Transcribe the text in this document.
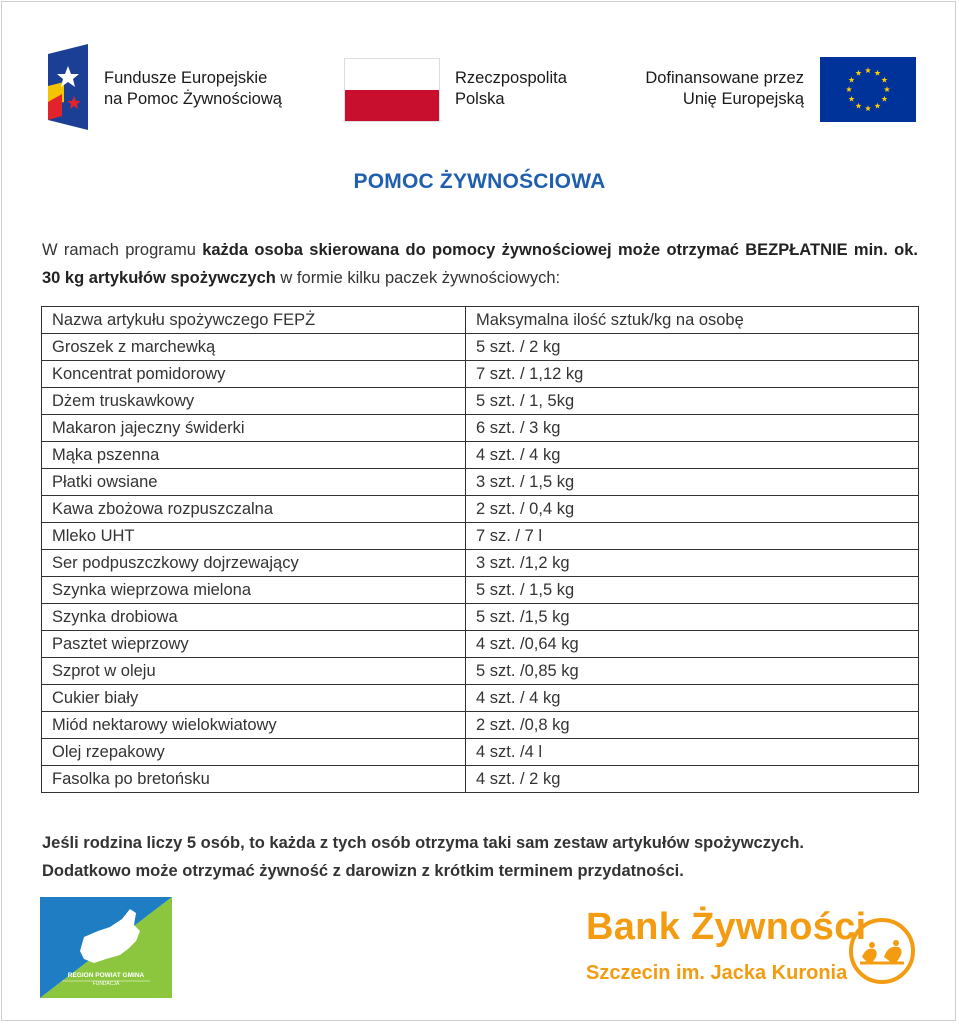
Fundusze Europejskie
na Pomoc Żywnościową
Rzeczpospolita
Polska
Dofinansowane przez
Unię Europejską
POMOC ŻYWNOŚCIOWA
W ramach programu każda osoba skierowana do pomocy żywnościowej może otrzymać BEZPŁATNIE min. ok. 30 kg artykułów spożywczych w formie kilku paczek żywnościowych:
Nazwa artykułu spożywczego FEPŻ	Maksymalna ilość sztuk/kg na osobę
Groszek z marchewką	5 szt. / 2 kg
Koncentrat pomidorowy	7 szt. / 1,12 kg
Dżem truskawkowy	5 szt. / 1, 5kg
Makaron jajeczny świderki	6 szt. / 3 kg
Mąka pszenna	4 szt. / 4 kg
Płatki owsiane	3 szt. / 1,5 kg
Kawa zbożowa rozpuszczalna	2 szt. / 0,4 kg
Mleko UHT	7 sz. / 7 l
Ser podpuszczkowy dojrzewający	3 szt. /1,2 kg
Szynka wieprzowa mielona	5 szt. / 1,5 kg
Szynka drobiowa	5 szt. /1,5 kg
Pasztet wieprzowy	4 szt. /0,64 kg
Szprot w oleju	5 szt. /0,85 kg
Cukier biały	4 szt. / 4 kg
Miód nektarowy wielokwiatowy	2 szt. /0,8 kg
Olej rzepakowy	4 szt. /4 l
Fasolka po bretońsku	4 szt. / 2 kg
Jeśli rodzina liczy 5 osób, to każda z tych osób otrzyma taki sam zestaw artykułów spożywczych.
Dodatkowo może otrzymać żywność z darowizn z krótkim terminem przydatności.
REGION POWIAT GMINA
FUNDACJA
Bank Żywności
Szczecin im. Jacka Kuronia
